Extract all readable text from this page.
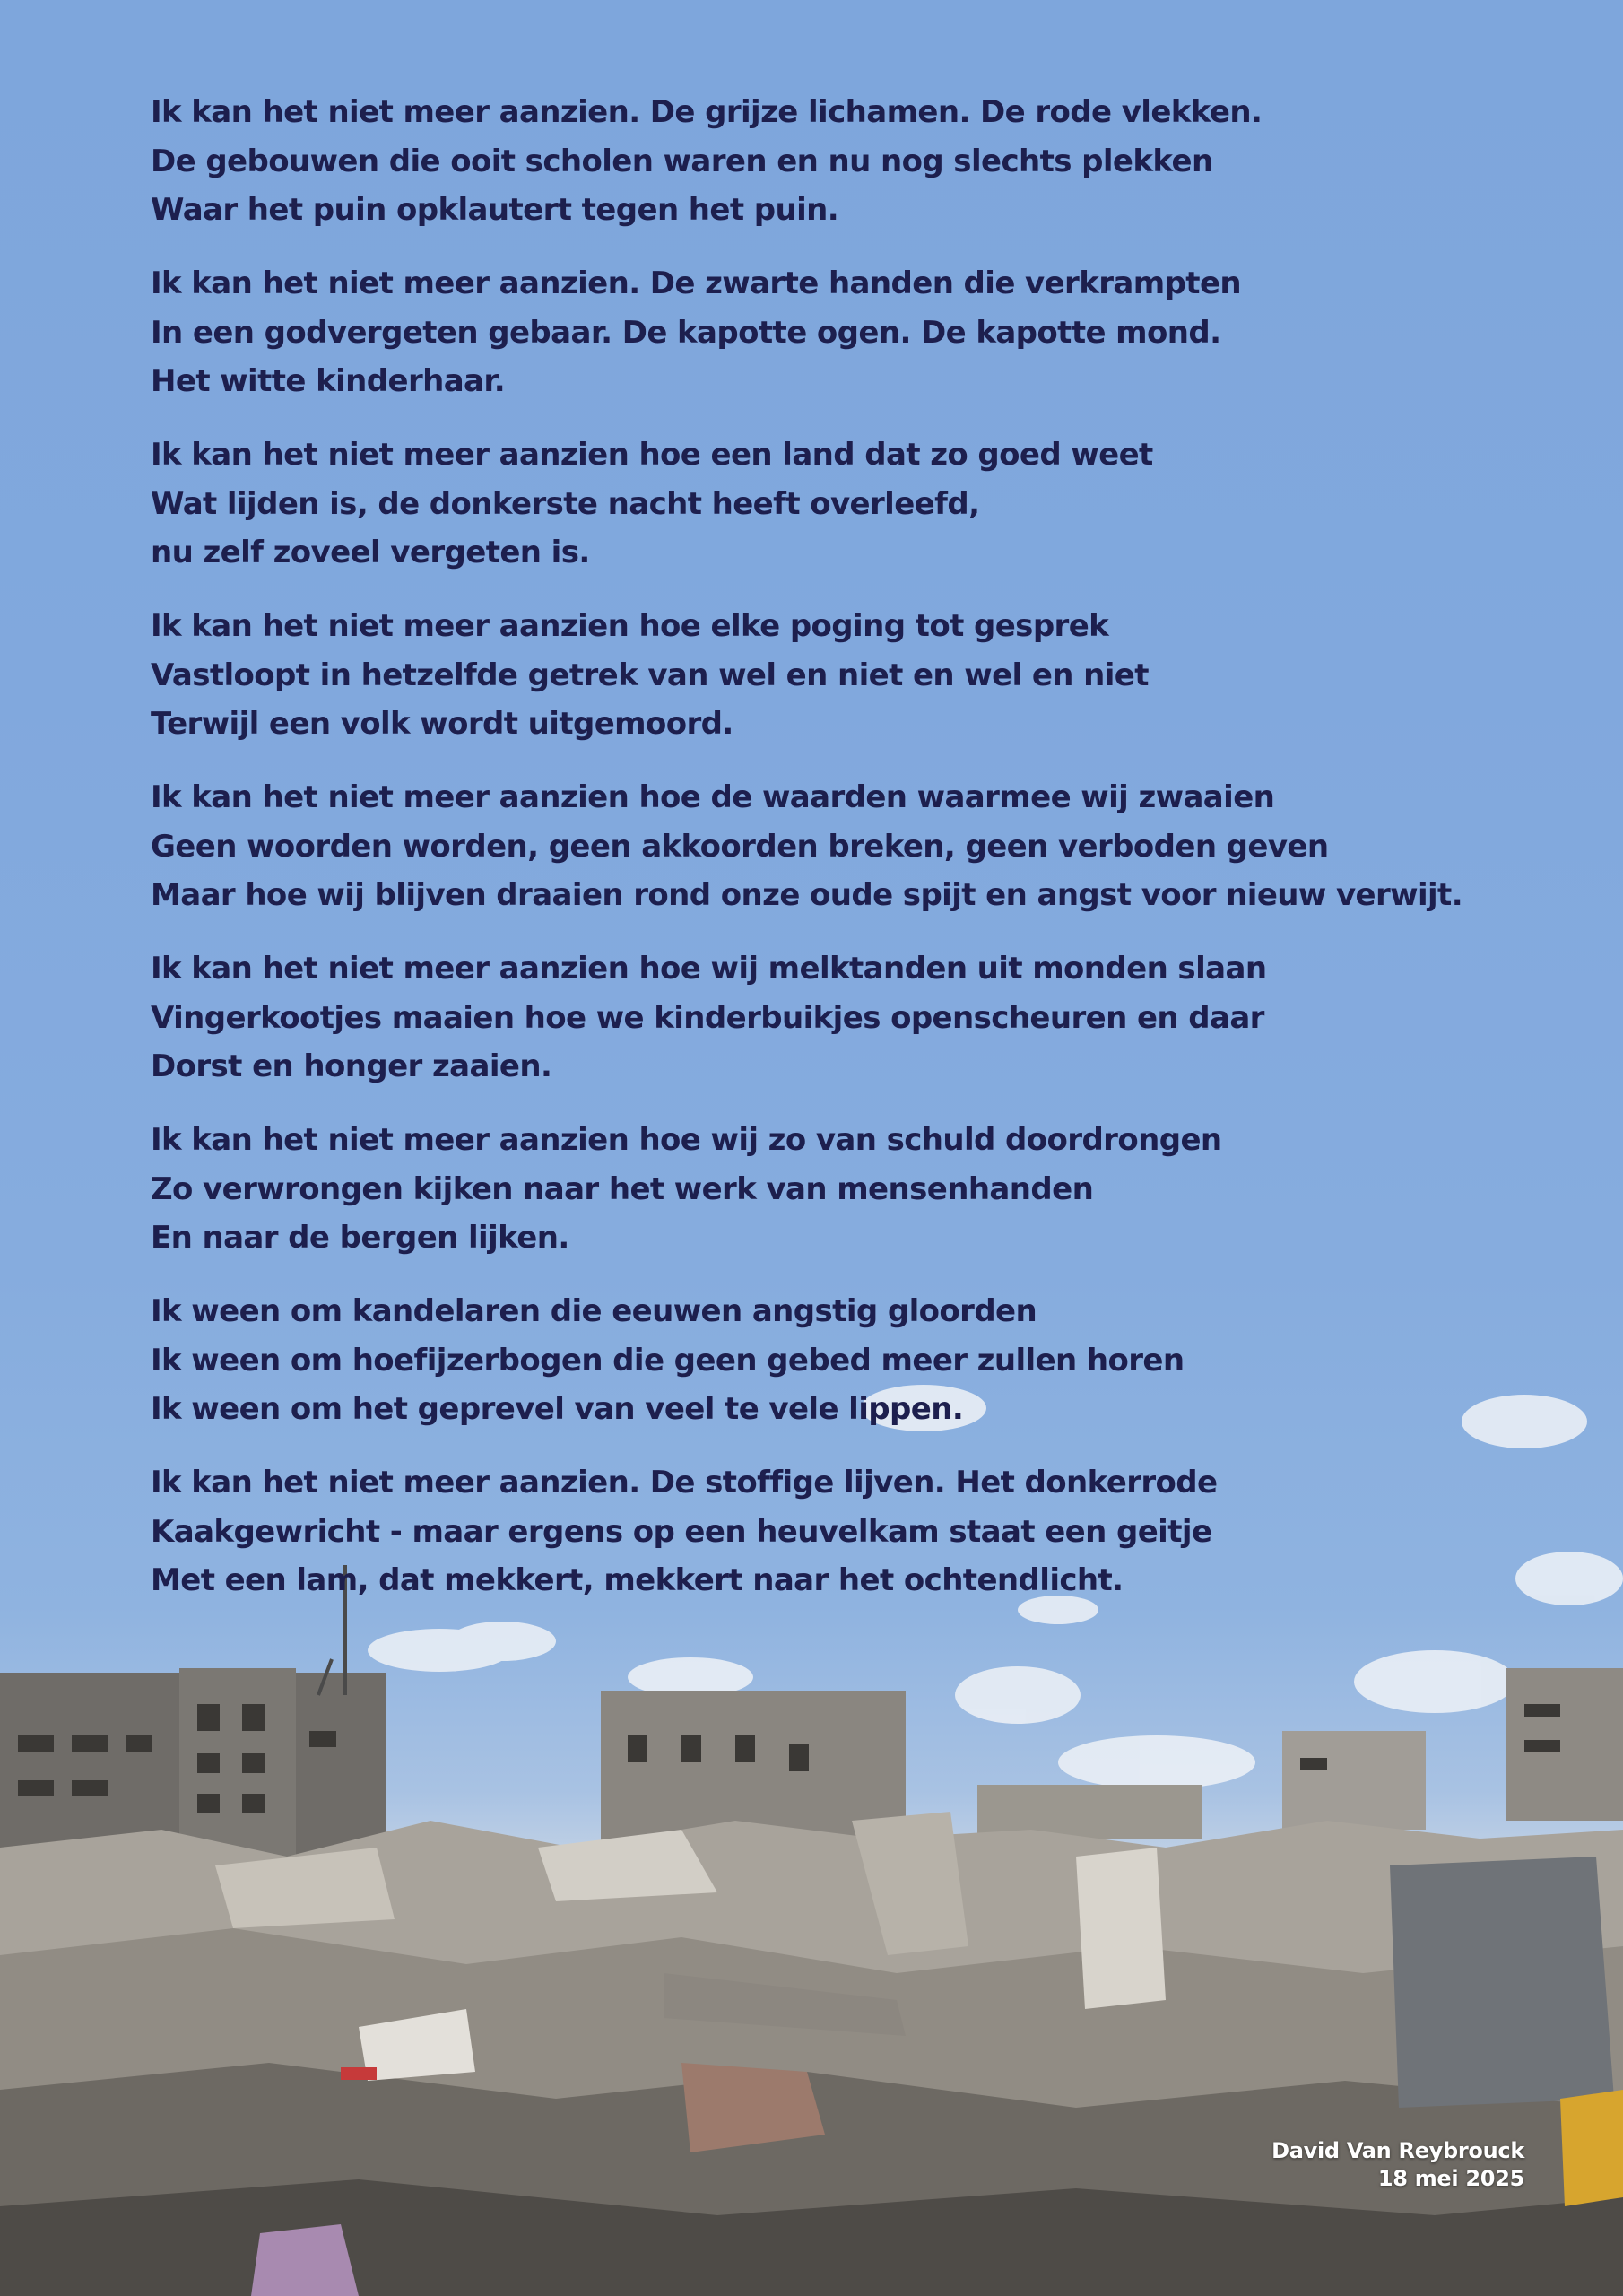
Ik kan het niet meer aanzien. De grijze lichamen. De rode vlekken.
De gebouwen die ooit scholen waren en nu nog slechts plekken
Waar het puin opklautert tegen het puin.
Ik kan het niet meer aanzien. De zwarte handen die verkrampten
In een godvergeten gebaar. De kapotte ogen. De kapotte mond.
Het witte kinderhaar.
Ik kan het niet meer aanzien hoe een land dat zo goed weet
Wat lijden is, de donkerste nacht heeft overleefd,
nu zelf zoveel vergeten is.
Ik kan het niet meer aanzien hoe elke poging tot gesprek
Vastloopt in hetzelfde getrek van wel en niet en wel en niet
Terwijl een volk wordt uitgemoord.
Ik kan het niet meer aanzien hoe de waarden waarmee wij zwaaien
Geen woorden worden, geen akkoorden breken, geen verboden geven
Maar hoe wij blijven draaien rond onze oude spijt en angst voor nieuw verwijt.
Ik kan het niet meer aanzien hoe wij melktanden uit monden slaan
Vingerkootjes maaien hoe we kinderbuikjes openscheuren en daar
Dorst en honger zaaien.
Ik kan het niet meer aanzien hoe wij zo van schuld doordrongen
Zo verwrongen kijken naar het werk van mensenhanden
En naar de bergen lijken.
Ik ween om kandelaren die eeuwen angstig gloorden
Ik ween om hoefijzerbogen die geen gebed meer zullen horen
Ik ween om het geprevel van veel te vele lippen.
Ik kan het niet meer aanzien. De stoffige lijven. Het donkerrode
Kaakgewricht - maar ergens op een heuvelkam staat een geitje
Met een lam, dat mekkert, mekkert naar het ochtendlicht.
David Van Reybrouck
18 mei 2025
